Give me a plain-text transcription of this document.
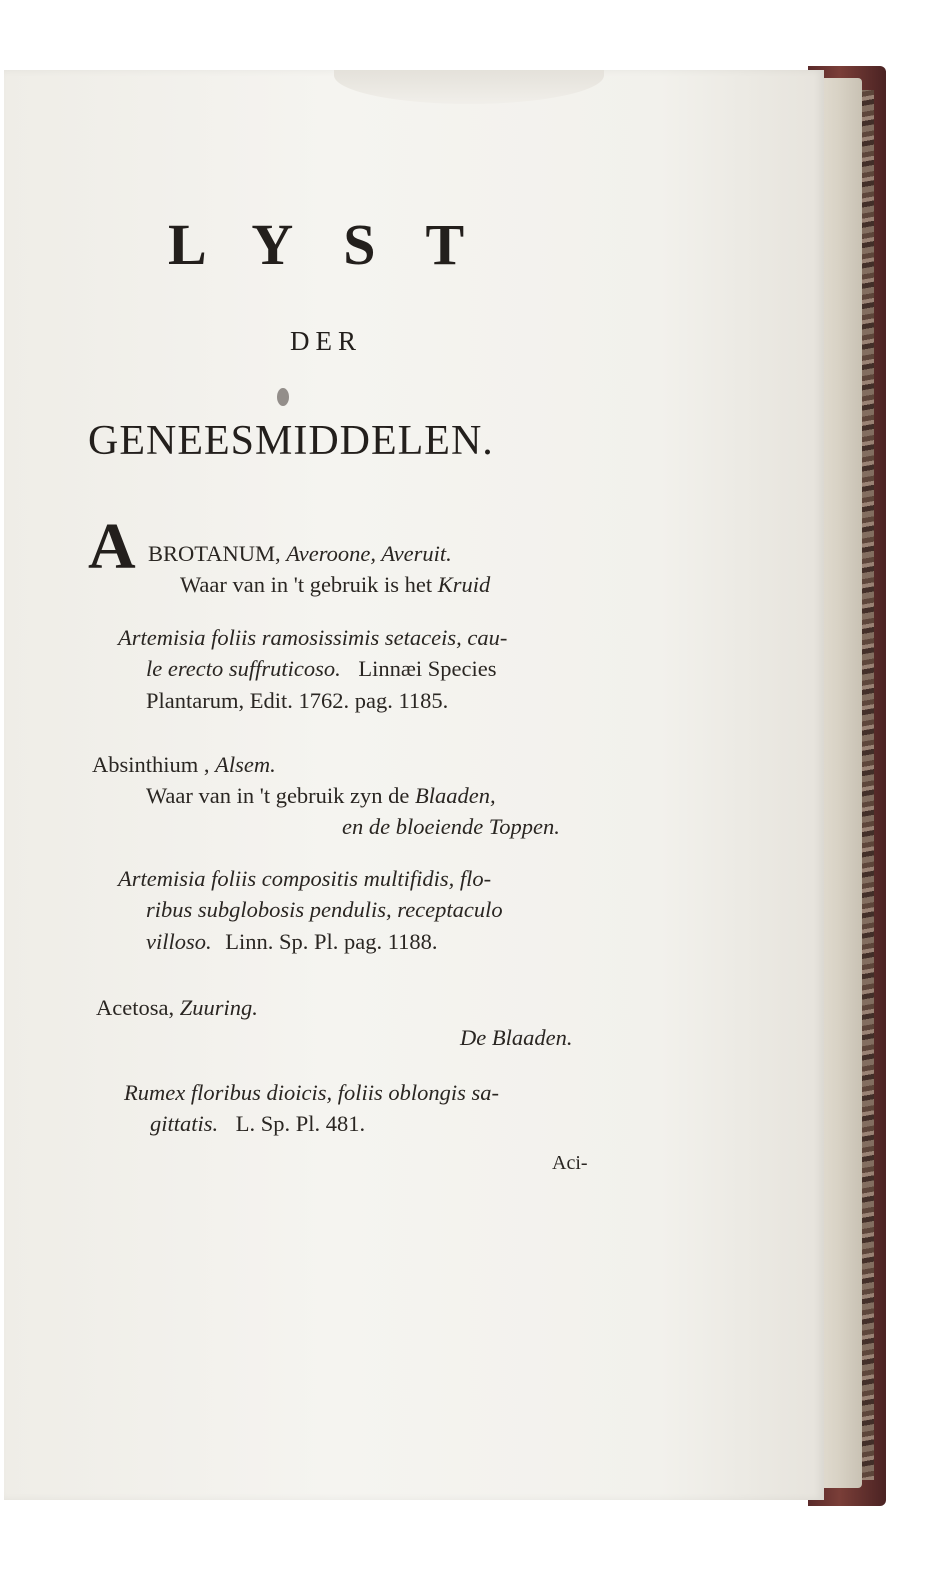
LYST
DER
GENEESMIDDELEN.
A BROTANUM, Averoone, Averuit.
Waar van in 't gebruik is het Kruid
Artemisia foliis ramosissimis setaceis, cau-
le erecto suffruticoso. Linnæi Species
Plantarum, Edit. 1762. pag. 1185.
Absinthium , Alsem.
Waar van in 't gebruik zyn de Blaaden,
en de bloeiende Toppen.
Artemisia foliis compositis multifidis, flo-
ribus subglobosis pendulis, receptaculo
villoso. Linn. Sp. Pl. pag. 1188.
Acetosa, Zuuring.
De Blaaden.
Rumex floribus dioicis, foliis oblongis sa-
gittatis. L. Sp. Pl. 481.
Aci-
